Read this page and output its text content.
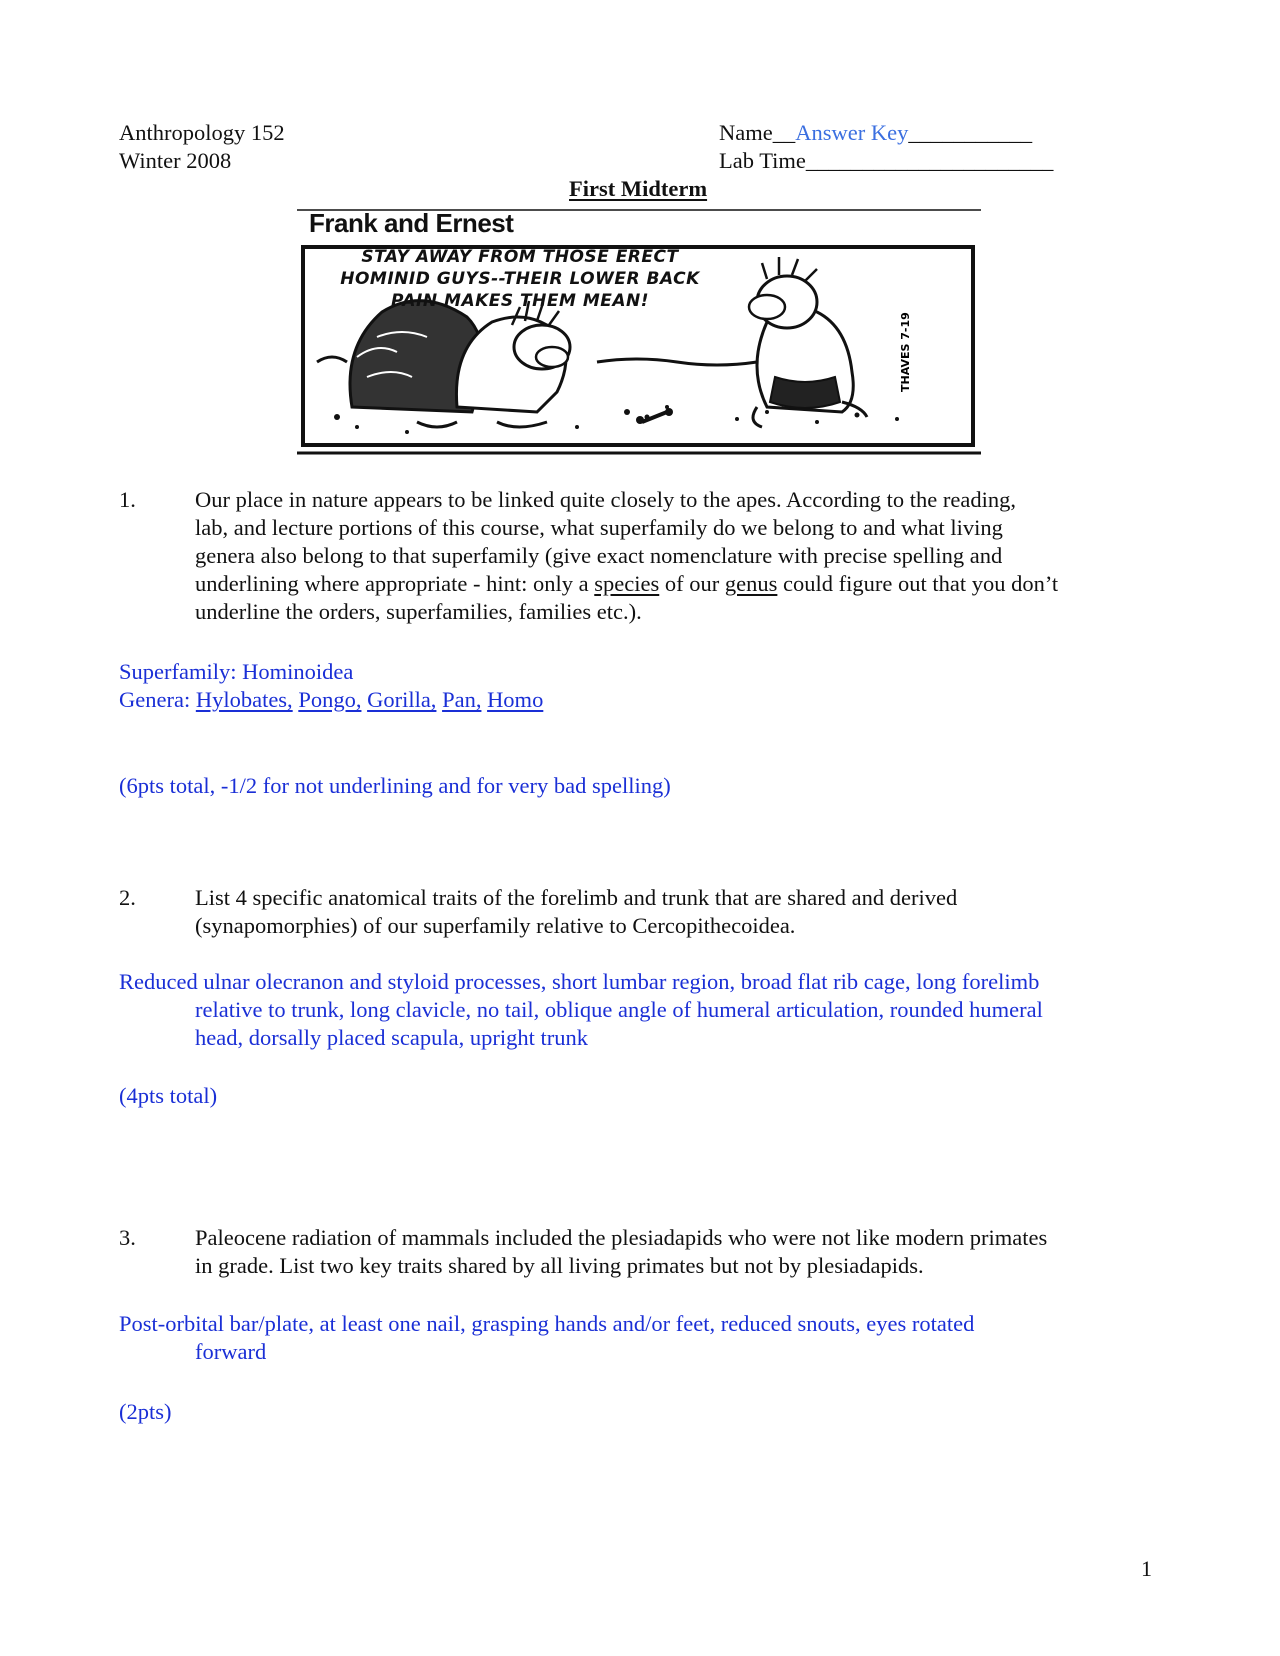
Anthropology 152
Winter 2008
Name__Answer Key___________
Lab Time______________________
First Midterm
THAVES 7-19
Frank and Ernest
STAY AWAY FROM THOSE ERECT
HOMINID GUYS--THEIR LOWER BACK
PAIN MAKES THEM MEAN!
1.	Our place in nature appears to be linked quite closely to the apes. According to the reading,
lab, and lecture portions of this course, what superfamily do we belong to and what living
genera also belong to that superfamily (give exact nomenclature with precise spelling and
underlining where appropriate - hint: only a species of our genus could figure out that you don’t
underline the orders, superfamilies, families etc.).
Superfamily: Hominoidea
Genera: Hylobates, Pongo, Gorilla, Pan, Homo
(6pts total, -1/2 for not underlining and for very bad spelling)
2.	List 4 specific anatomical traits of the forelimb and trunk that are shared and derived
(synapomorphies) of our superfamily relative to Cercopithecoidea.
Reduced ulnar olecranon and styloid processes, short lumbar region, broad flat rib cage, long forelimb
relative to trunk, long clavicle, no tail, oblique angle of humeral articulation, rounded humeral
head, dorsally placed scapula, upright trunk
(4pts total)
3.	Paleocene radiation of mammals included the plesiadapids who were not like modern primates
in grade. List two key traits shared by all living primates but not by plesiadapids.
Post-orbital bar/plate, at least one nail, grasping hands and/or feet, reduced snouts, eyes rotated
forward
(2pts)
1
